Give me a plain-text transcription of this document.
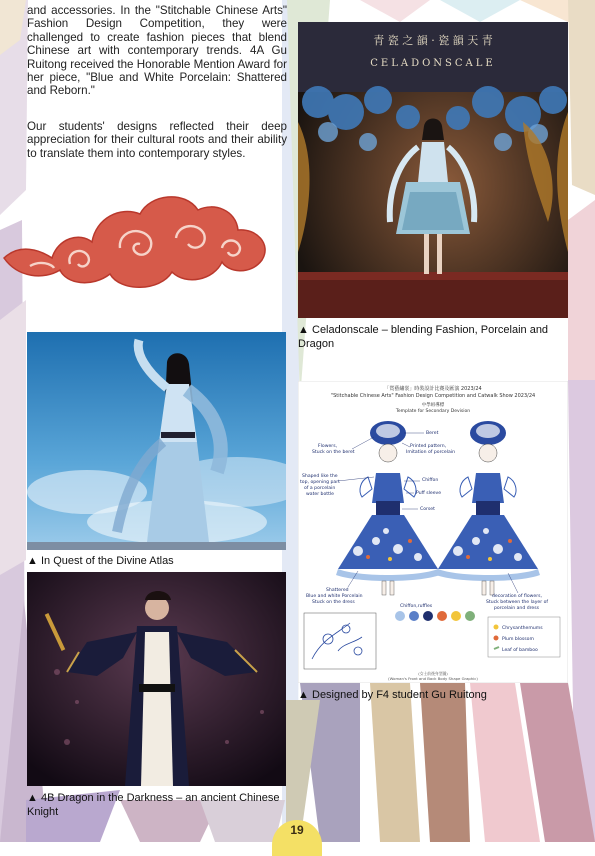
and accessories. In the "Stitchable Chinese Arts" Fashion Design Competition, they were challenged to create fashion pieces that blend Chinese art with contemporary trends. 4A Gu Ruitong received the Honorable Mention Award for her piece, "Blue and White Porcelain: Shattered and Reborn."

Our students' designs reflected their deep appreciation for their cultural roots and their ability to translate them into contemporary styles.

青 瓷 之 韻 · 瓷 韻 天 青
CELADONSCALE
「賞藝繡裳」時裝設計比賽及匯演 2023/24
"Stitchable Chinese Arts" Fashion Design Competition and Catwalk Show 2023/24
中學組導標
Template for Secondary Devision
Beret
Flowers,
Stuck on the beret
Printed pattern,
Imitation of porcelain
Shaped like the
top, opening part
of a porcelain
water bottle
Chiffon
Puff sleeve
Corset
Shattered
Blue and white Porcelain
Stuck on the dress
Chiffon,ruffles
decoration of flowers,
Stuck between the layer of
porcelain and dress
Chrysanthemums
Plum blossom
Leaf of bamboo
(女士前後身型圖)
(Woman's Front and Back Body Shape Graphic)

▲ Celadonscale – blending Fashion, Porcelain and Dragon

▲ In Quest of the Divine Atlas

▲ 4B Dragon in the Darkness – an ancient Chinese Knight

▲ Designed by F4 student Gu Ruitong

19
